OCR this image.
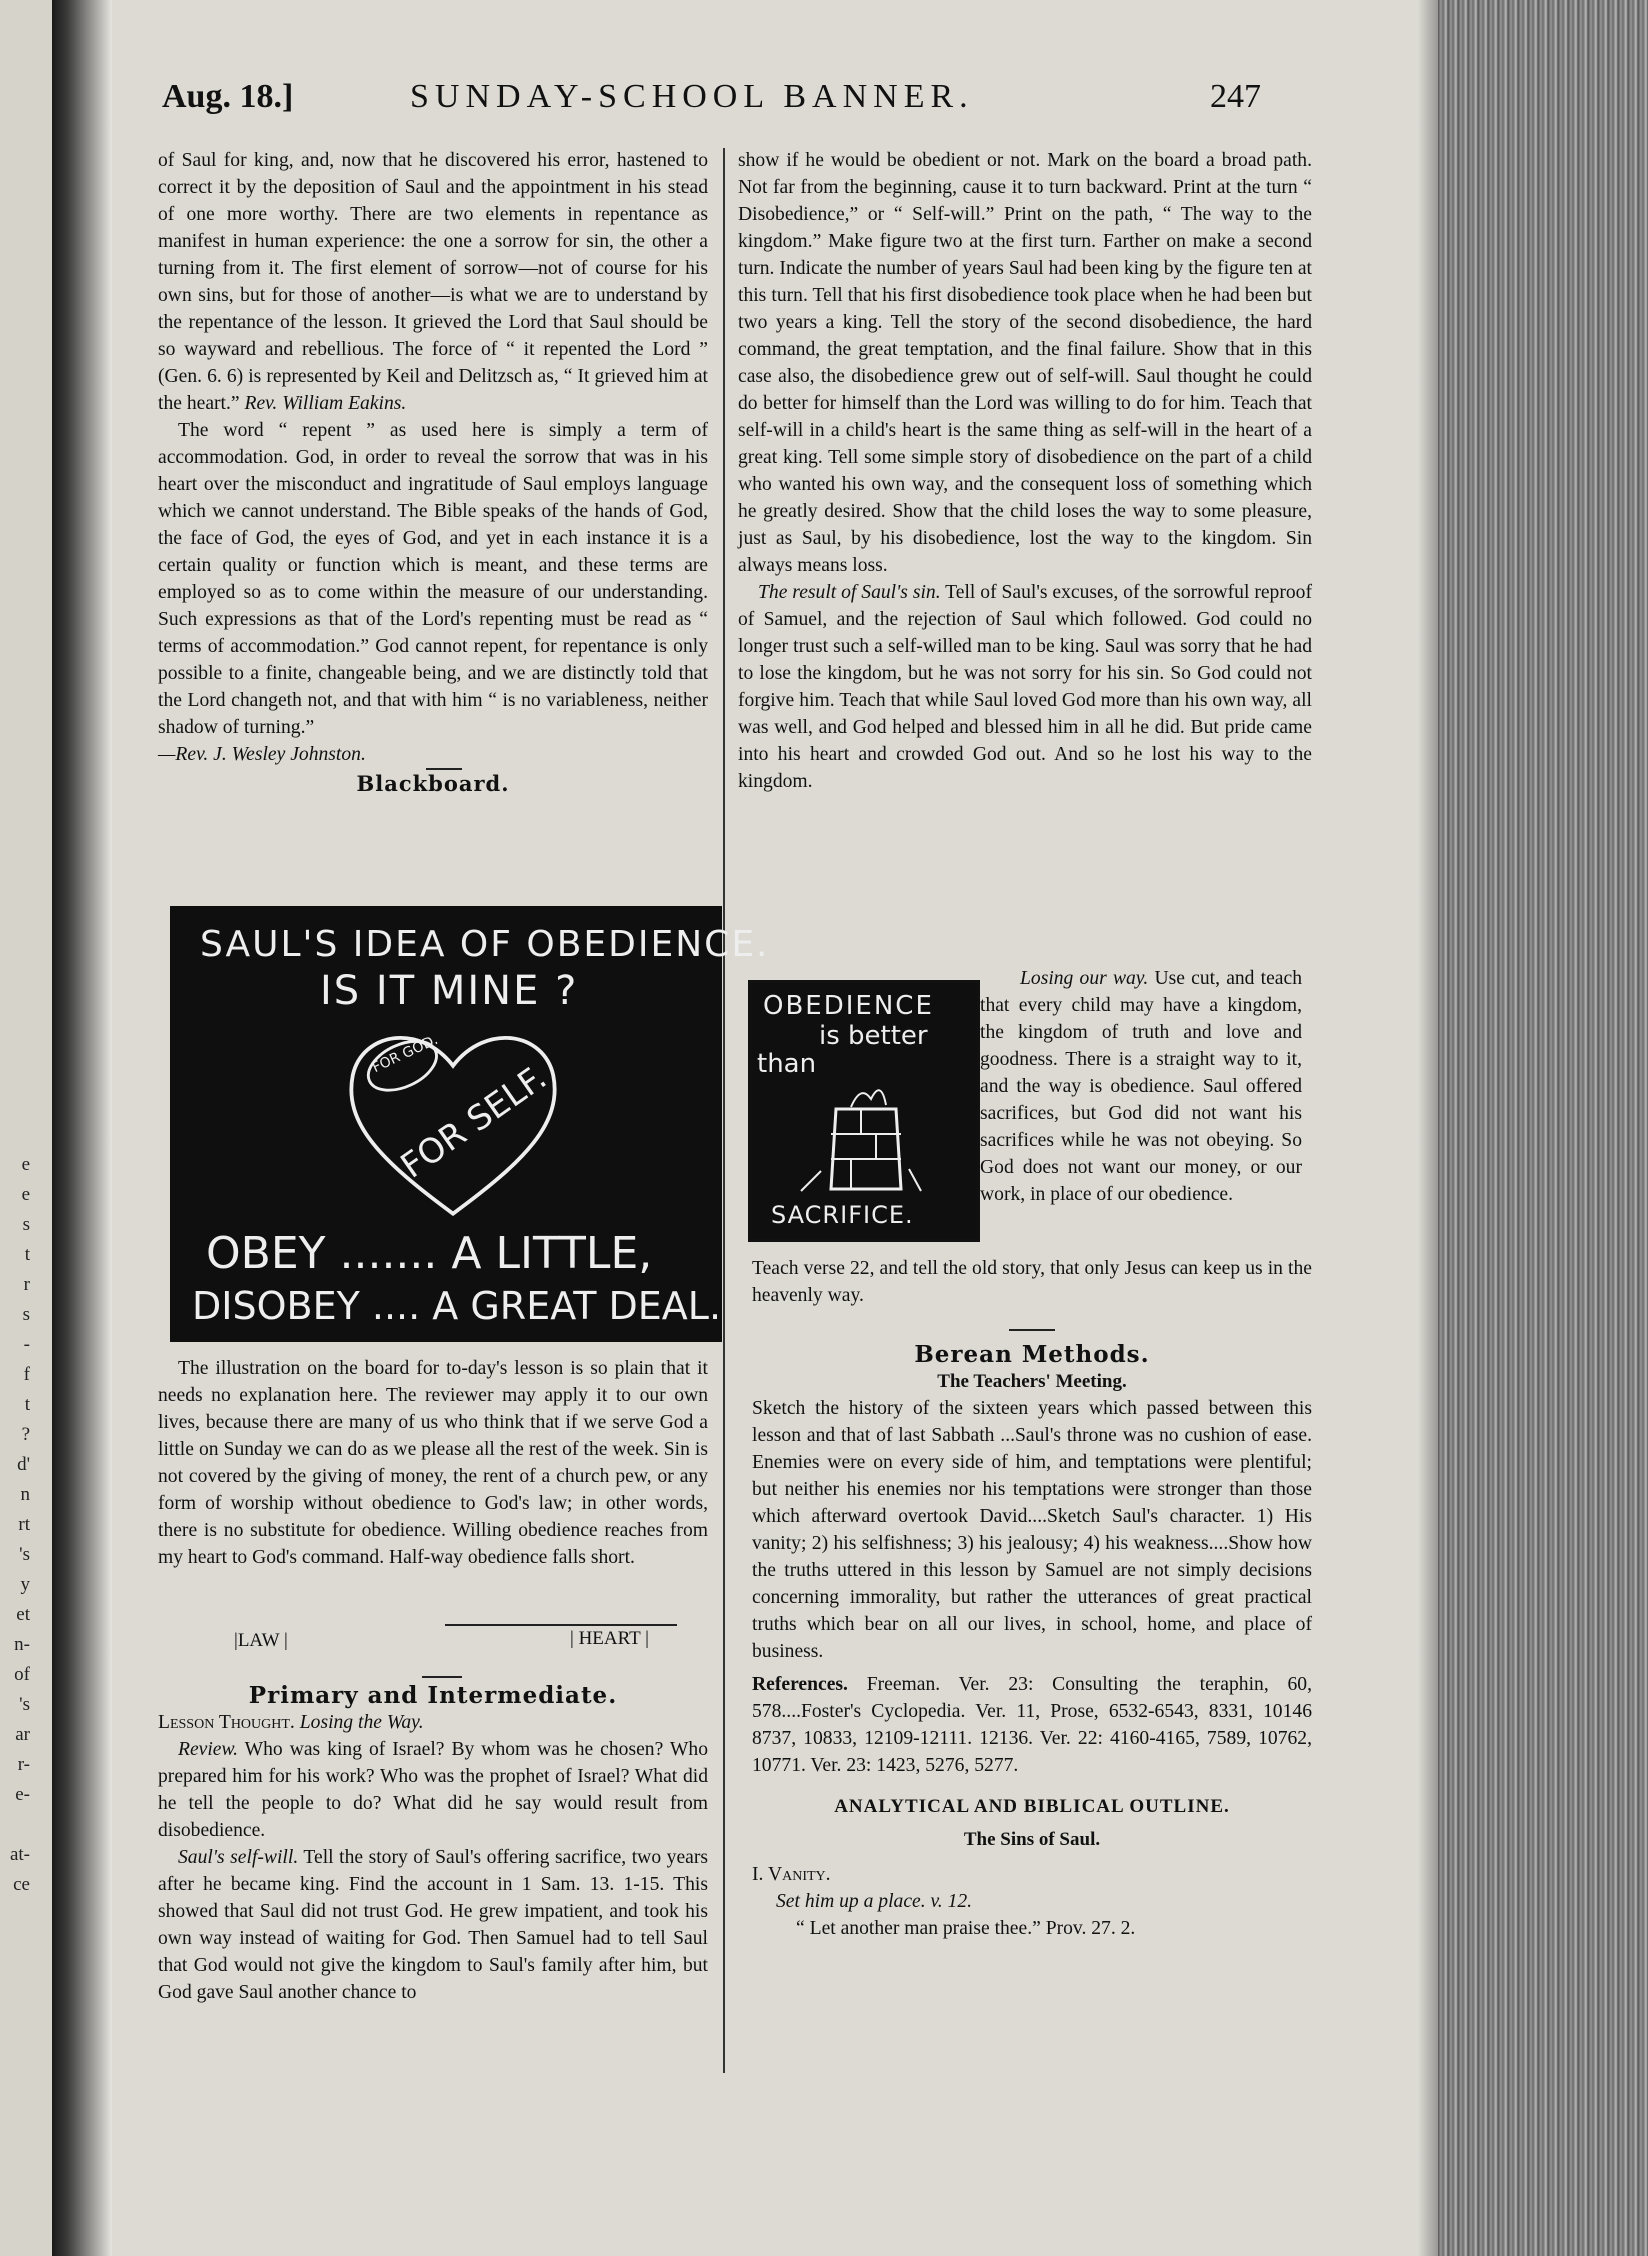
e
e
s
t
r
s
-
f
t
?
d'
n
rt
's
y
et
n-
of
's
ar
r-
e-
at-
ce
Aug. 18.]	SUNDAY-SCHOOL BANNER.	247

of Saul for king, and, now that he discovered his error, hastened to correct it by the deposition of Saul and the appointment in his stead of one more worthy. There are two elements in repentance as manifest in human experience: the one a sorrow for sin, the other a turning from it. The first element of sorrow—not of course for his own sins, but for those of another—is what we are to understand by the repentance of the lesson. It grieved the Lord that Saul should be so wayward and rebellious. The force of “ it repented the Lord ” (Gen. 6. 6) is represented by Keil and Delitzsch as, “ It grieved him at the heart.” Rev. William Eakins.

The word “ repent ” as used here is simply a term of accommodation. God, in order to reveal the sorrow that was in his heart over the misconduct and ingratitude of Saul employs language which we cannot understand. The Bible speaks of the hands of God, the face of God, the eyes of God, and yet in each instance it is a certain quality or function which is meant, and these terms are employed so as to come within the measure of our understanding. Such expressions as that of the Lord's repenting must be read as “ terms of accommodation.” God cannot repent, for repentance is only possible to a finite, changeable being, and we are distinctly told that the Lord changeth not, and that with him “ is no variableness, neither shadow of turning.”

—Rev. J. Wesley Johnston.

Blackboard.

SAUL'S IDEA OF OBEDIENCE.
IS IT MINE ?
FOR GOD.
FOR SELF.
OBEY ....... A LITTLE,
DISOBEY .... A GREAT DEAL.

The illustration on the board for to-day's lesson is so plain that it needs no explanation here. The reviewer may apply it to our own lives, because there are many of us who think that if we serve God a little on Sunday we can do as we please all the rest of the week. Sin is not covered by the giving of money, the rent of a church pew, or any form of worship without obedience to God's law; in other words, there is no substitute for obedience. Willing obedience reaches from my heart to God's command. Half-way obedience falls short.

|LAW |	| HEART |

Primary and Intermediate.

Lesson Thought. Losing the Way.

Review. Who was king of Israel? By whom was he chosen? Who prepared him for his work? Who was the prophet of Israel? What did he tell the people to do? What did he say would result from disobedience.

Saul's self-will. Tell the story of Saul's offering sacrifice, two years after he became king. Find the account in 1 Sam. 13. 1-15. This showed that Saul did not trust God. He grew impatient, and took his own way instead of waiting for God. Then Samuel had to tell Saul that God would not give the kingdom to Saul's family after him, but God gave Saul another chance to

show if he would be obedient or not. Mark on the board a broad path. Not far from the beginning, cause it to turn backward. Print at the turn “ Disobedience,” or “ Self-will.” Print on the path, “ The way to the kingdom.” Make figure two at the first turn. Farther on make a second turn. Indicate the number of years Saul had been king by the figure ten at this turn. Tell that his first disobedience took place when he had been but two years a king. Tell the story of the second disobedience, the hard command, the great temptation, and the final failure. Show that in this case also, the disobedience grew out of self-will. Saul thought he could do better for himself than the Lord was willing to do for him. Teach that self-will in a child's heart is the same thing as self-will in the heart of a great king. Tell some simple story of disobedience on the part of a child who wanted his own way, and the consequent loss of something which he greatly desired. Show that the child loses the way to some pleasure, just as Saul, by his disobedience, lost the way to the kingdom. Sin always means loss.

The result of Saul's sin. Tell of Saul's excuses, of the sorrowful reproof of Samuel, and the rejection of Saul which followed. God could no longer trust such a self-willed man to be king. Saul was sorry that he had to lose the kingdom, but he was not sorry for his sin. So God could not forgive him. Teach that while Saul loved God more than his own way, all was well, and God helped and blessed him in all he did. But pride came into his heart and crowded God out. And so he lost his way to the kingdom.

OBEDIENCE
is better
than
SACRIFICE.

Losing our way. Use cut, and teach that every child may have a kingdom, the kingdom of truth and love and goodness. There is a straight way to it, and the way is obedience. Saul offered sacrifices, but God did not want his sacrifices while he was not obeying. So God does not want our money, or our work, in place of our obedience.

Teach verse 22, and tell the old story, that only Jesus can keep us in the heavenly way.

Berean Methods.

The Teachers' Meeting.

Sketch the history of the sixteen years which passed between this lesson and that of last Sabbath ...Saul's throne was no cushion of ease. Enemies were on every side of him, and temptations were plentiful; but neither his enemies nor his temptations were stronger than those which afterward overtook David....Sketch Saul's character. 1) His vanity; 2) his selfishness; 3) his jealousy; 4) his weakness....Show how the truths uttered in this lesson by Samuel are not simply decisions concerning immorality, but rather the utterances of great practical truths which bear on all our lives, in school, home, and place of business.

References. Freeman. Ver. 23: Consulting the teraphin, 60, 578....Foster's Cyclopedia. Ver. 11, Prose, 6532-6543, 8331, 10146 8737, 10833, 12109-12111. 12136. Ver. 22: 4160-4165, 7589, 10762, 10771. Ver. 23: 1423, 5276, 5277.

ANALYTICAL AND BIBLICAL OUTLINE.

The Sins of Saul.

I. Vanity.

Set him up a place. v. 12.

“ Let another man praise thee.” Prov. 27. 2.
